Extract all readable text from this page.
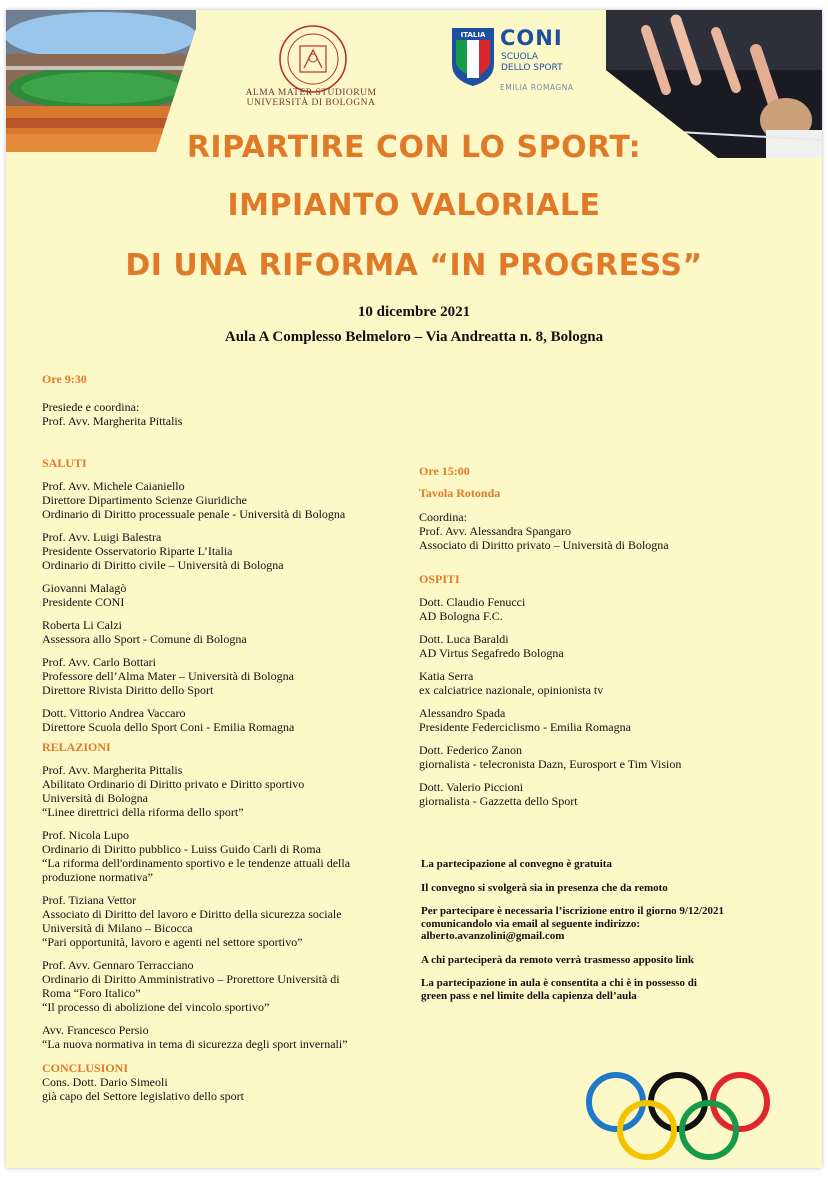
ALMA MATER STUDIORUM
UNIVERSITÀ DI BOLOGNA
ITALIA CONI
SCUOLA
DELLO SPORT
EMILIA ROMAGNA
RIPARTIRE CON LO SPORT:
IMPIANTO VALORIALE
DI UNA RIFORMA “IN PROGRESS”
10 dicembre 2021
Aula A Complesso Belmeloro – Via Andreatta n. 8, Bologna
Ore 9:30
Presiede e coordina:
Prof. Avv. Margherita Pittalis
SALUTI
Prof. Avv. Michele Caianiello
Direttore Dipartimento Scienze Giuridiche
Ordinario di Diritto processuale penale - Università di Bologna
Prof. Avv. Luigi Balestra
Presidente Osservatorio Riparte L’Italia
Ordinario di Diritto civile – Università di Bologna
Giovanni Malagò
Presidente CONI
Roberta Li Calzi
Assessora allo Sport - Comune di Bologna
Prof. Avv. Carlo Bottari
Professore dell’Alma Mater – Università di Bologna
Direttore Rivista Diritto dello Sport
Dott. Vittorio Andrea Vaccaro
Direttore Scuola dello Sport Coni - Emilia Romagna
RELAZIONI
Prof. Avv. Margherita Pittalis
Abilitato Ordinario di Diritto privato e Diritto sportivo
Università di Bologna
“Linee direttrici della riforma dello sport”
Prof. Nicola Lupo
Ordinario di Diritto pubblico - Luiss Guido Carli di Roma
“La riforma dell'ordinamento sportivo e le tendenze attuali della
produzione normativa”
Prof. Tiziana Vettor
Associato di Diritto del lavoro e Diritto della sicurezza sociale
Università di Milano – Bicocca
“Pari opportunità, lavoro e agenti nel settore sportivo”
Prof. Avv. Gennaro Terracciano
Ordinario di Diritto Amministrativo – Prorettore Università di
Roma “Foro Italico”
“Il processo di abolizione del vincolo sportivo”
Avv. Francesco Persio
“La nuova normativa in tema di sicurezza degli sport invernali”
CONCLUSIONI
Cons. Dott. Dario Simeoli
già capo del Settore legislativo dello sport
Ore 15:00
Tavola Rotonda
Coordina:
Prof. Avv. Alessandra Spangaro
Associato di Diritto privato – Università di Bologna
OSPITI
Dott. Claudio Fenucci
AD Bologna F.C.
Dott. Luca Baraldi
AD Virtus Segafredo Bologna
Katia Serra
ex calciatrice nazionale, opinionista tv
Alessandro Spada
Presidente Federciclismo - Emilia Romagna
Dott. Federico Zanon
giornalista - telecronista Dazn, Eurosport e Tim Vision
Dott. Valerio Piccioni
giornalista - Gazzetta dello Sport

La partecipazione al convegno è gratuita

Il convegno si svolgerà sia in presenza che da remoto

Per partecipare è necessaria l’iscrizione entro il giorno 9/12/2021
comunicandolo via email al seguente indirizzo:
alberto.avanzolini@gmail.com

A chi parteciperà da remoto verrà trasmesso apposito link

La partecipazione in aula è consentita a chi è in possesso di
green pass e nel limite della capienza dell’aula
